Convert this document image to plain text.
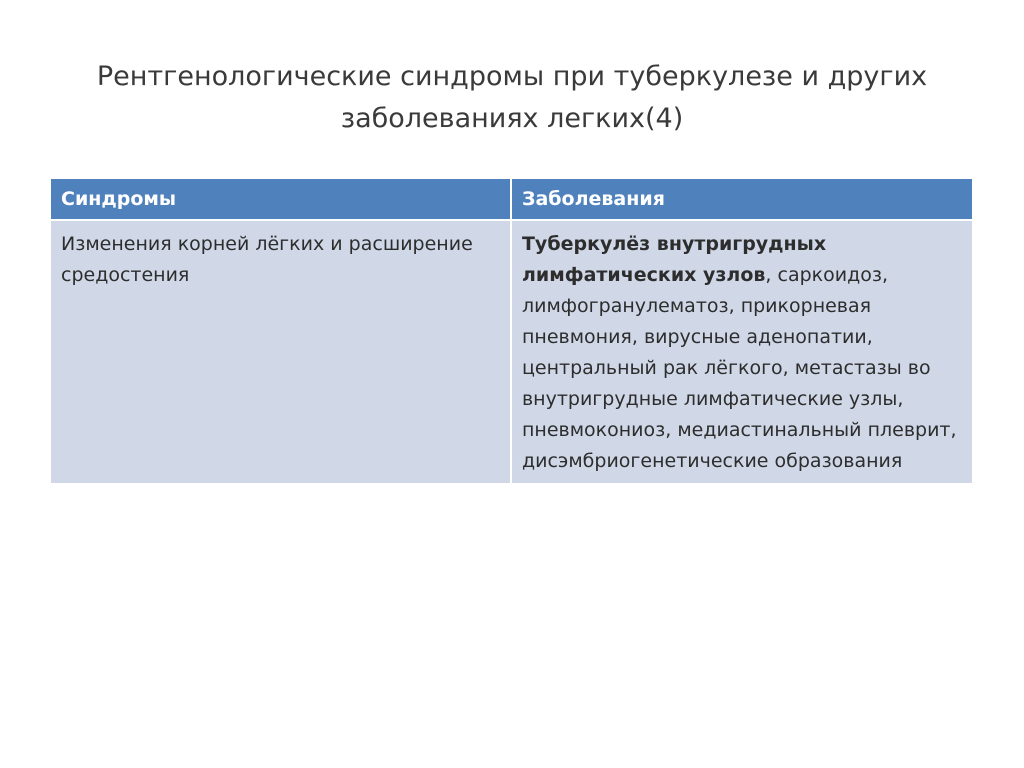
Рентгенологические синдромы при туберкулезе и других
заболеваниях легких(4)
Синдромы	Заболевания
Изменения корней лёгких и расширение средостения	Туберкулёз внутригрудных лимфатических узлов, саркоидоз, лимфогранулематоз, прикорневая пневмония, вирусные аденопатии, центральный рак лёгкого, метастазы во внутригрудные лимфатические узлы, пневмокониоз, медиастинальный плеврит, дисэмбриогенетические образования
